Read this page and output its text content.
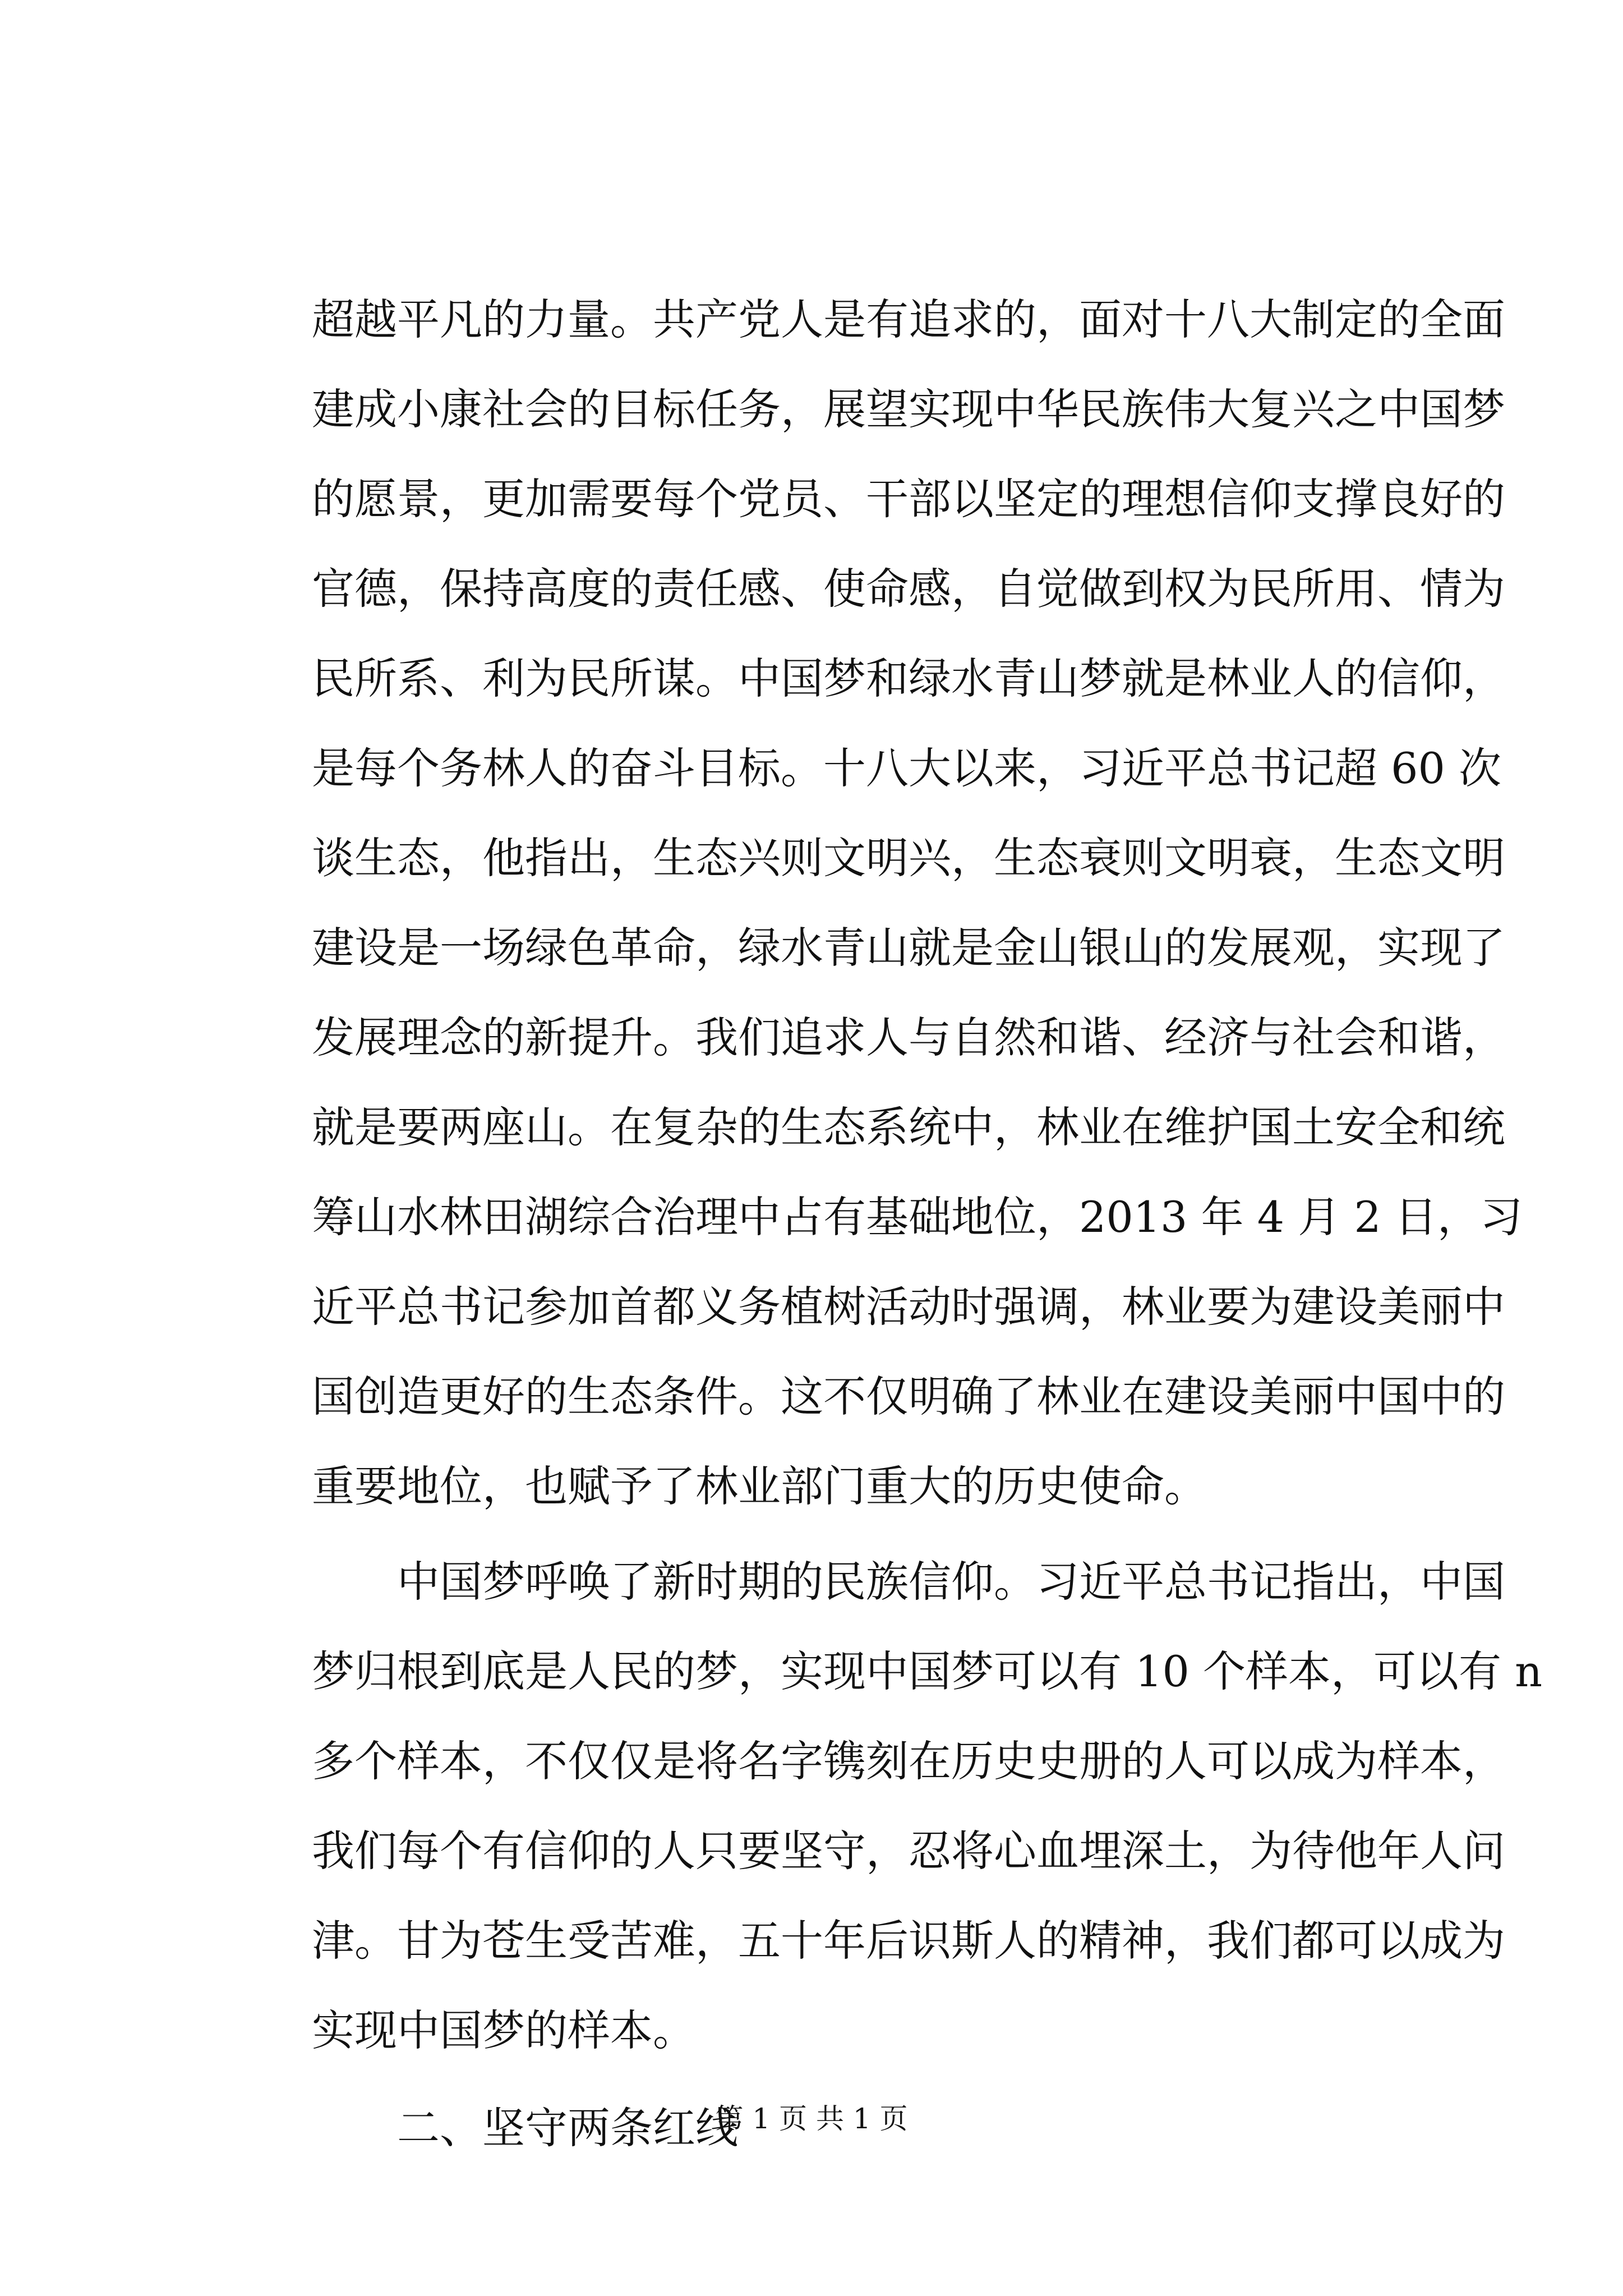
超越平凡的力量。共产党人是有追求的，面对十八大制定的全面
建成小康社会的目标任务，展望实现中华民族伟大复兴之中国梦
的愿景，更加需要每个党员、干部以坚定的理想信仰支撑良好的
官德，保持高度的责任感、使命感，自觉做到权为民所用、情为
民所系、利为民所谋。中国梦和绿水青山梦就是林业人的信仰，
是每个务林人的奋斗目标。十八大以来，习近平总书记超 60 次
谈生态，他指出，生态兴则文明兴，生态衰则文明衰，生态文明
建设是一场绿色革命，绿水青山就是金山银山的发展观，实现了
发展理念的新提升。我们追求人与自然和谐、经济与社会和谐，
就是要两座山。在复杂的生态系统中，林业在维护国土安全和统
筹山水林田湖综合治理中占有基础地位，2013 年 4 月 2 日，习
近平总书记参加首都义务植树活动时强调，林业要为建设美丽中
国创造更好的生态条件。这不仅明确了林业在建设美丽中国中的
重要地位，也赋予了林业部门重大的历史使命。
中国梦呼唤了新时期的民族信仰。习近平总书记指出，中国
梦归根到底是人民的梦，实现中国梦可以有 10 个样本，可以有 n
多个样本，不仅仅是将名字镌刻在历史史册的人可以成为样本，
我们每个有信仰的人只要坚守，忍将心血埋深土，为待他年人问
津。甘为苍生受苦难，五十年后识斯人的精神，我们都可以成为
实现中国梦的样本。
二、坚守两条红线
第 1 页 共 1 页
